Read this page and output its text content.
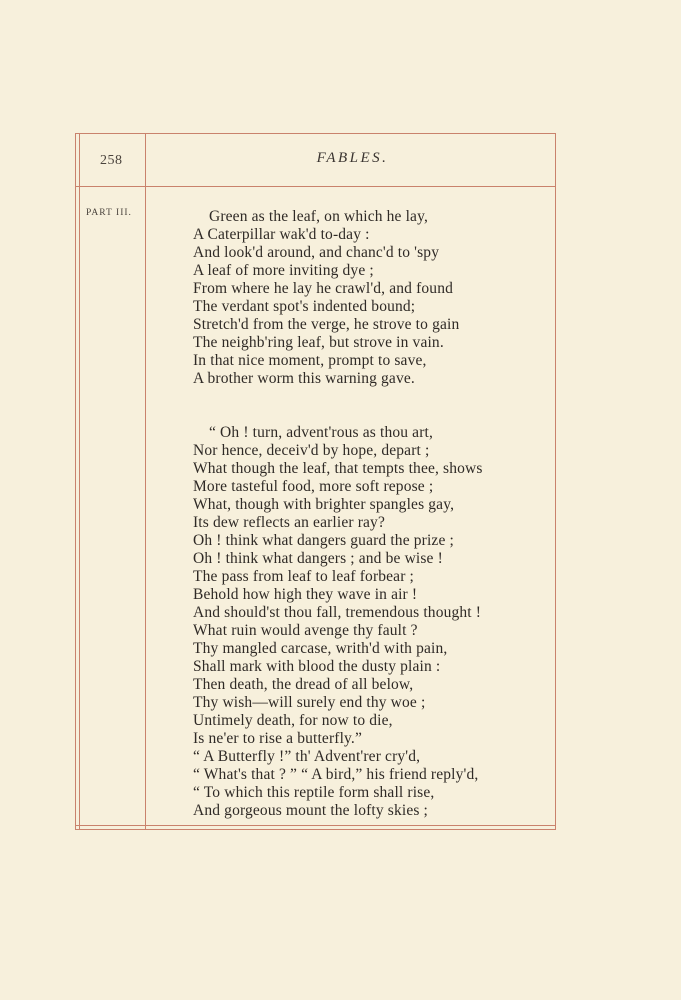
258	FABLES.
PART III.	Green as the leaf, on which he lay,
A Caterpillar wak'd to-day :
And look'd around, and chanc'd to 'spy
A leaf of more inviting dye ;
From where he lay he crawl'd, and found
The verdant spot's indented bound;
Stretch'd from the verge, he strove to gain
The neighb'ring leaf, but strove in vain.
In that nice moment, prompt to save,
A brother worm this warning gave.
“ Oh ! turn, advent'rous as thou art,
Nor hence, deceiv'd by hope, depart ;
What though the leaf, that tempts thee, shows
More tasteful food, more soft repose ;
What, though with brighter spangles gay,
Its dew reflects an earlier ray?
Oh ! think what dangers guard the prize ;
Oh ! think what dangers ; and be wise !
The pass from leaf to leaf forbear ;
Behold how high they wave in air !
And should'st thou fall, tremendous thought !
What ruin would avenge thy fault ?
Thy mangled carcase, writh'd with pain,
Shall mark with blood the dusty plain :
Then death, the dread of all below,
Thy wish—will surely end thy woe ;
Untimely death, for now to die,
Is ne'er to rise a butterfly.”
“ A Butterfly !” th' Advent'rer cry'd,
“ What's that ? ” “ A bird,” his friend reply'd,
“ To which this reptile form shall rise,
And gorgeous mount the lofty skies ;
